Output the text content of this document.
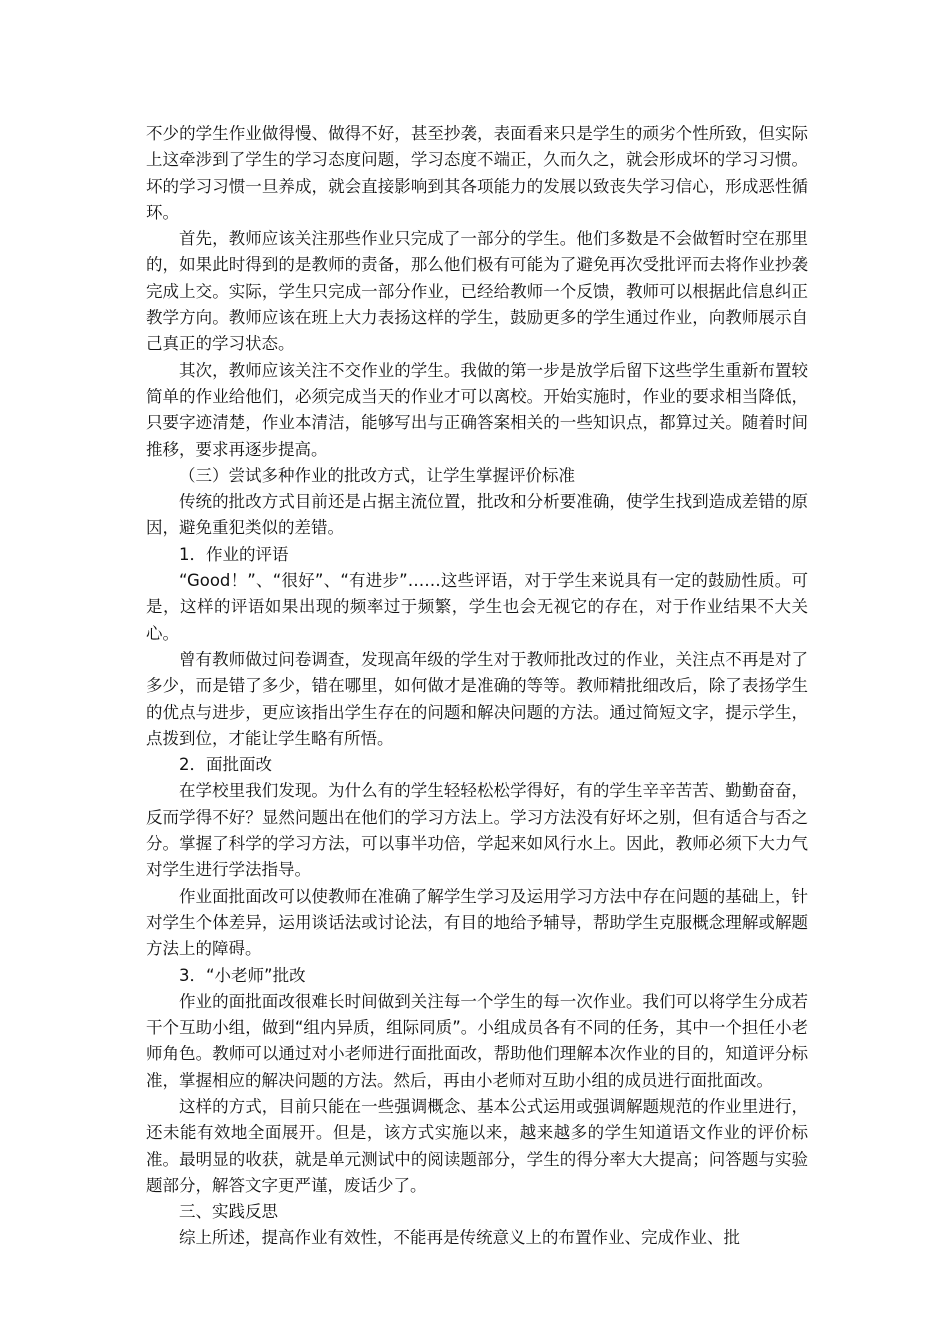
不少的学生作业做得慢、做得不好，甚至抄袭，表面看来只是学生的顽劣个性所致，但实际上这牵涉到了学生的学习态度问题，学习态度不端正，久而久之，就会形成坏的学习习惯。坏的学习习惯一旦养成，就会直接影响到其各项能力的发展以致丧失学习信心，形成恶性循环。

首先，教师应该关注那些作业只完成了一部分的学生。他们多数是不会做暂时空在那里的，如果此时得到的是教师的责备，那么他们极有可能为了避免再次受批评而去将作业抄袭完成上交。实际，学生只完成一部分作业，已经给教师一个反馈，教师可以根据此信息纠正教学方向。教师应该在班上大力表扬这样的学生，鼓励更多的学生通过作业，向教师展示自己真正的学习状态。

其次，教师应该关注不交作业的学生。我做的第一步是放学后留下这些学生重新布置较简单的作业给他们，必须完成当天的作业才可以离校。开始实施时，作业的要求相当降低，只要字迹清楚，作业本清洁，能够写出与正确答案相关的一些知识点，都算过关。随着时间推移，要求再逐步提高。

（三）尝试多种作业的批改方式，让学生掌握评价标准

传统的批改方式目前还是占据主流位置，批改和分析要准确，使学生找到造成差错的原因，避免重犯类似的差错。

1．作业的评语

“Good！”、“很好”、“有进步”……这些评语，对于学生来说具有一定的鼓励性质。可是，这样的评语如果出现的频率过于频繁，学生也会无视它的存在，对于作业结果不大关心。

曾有教师做过问卷调查，发现高年级的学生对于教师批改过的作业，关注点不再是对了多少，而是错了多少，错在哪里，如何做才是准确的等等。教师精批细改后，除了表扬学生的优点与进步，更应该指出学生存在的问题和解决问题的方法。通过简短文字，提示学生，点拨到位，才能让学生略有所悟。

2．面批面改

在学校里我们发现。为什么有的学生轻轻松松学得好，有的学生辛辛苦苦、勤勤奋奋，反而学得不好？显然问题出在他们的学习方法上。学习方法没有好坏之别，但有适合与否之分。掌握了科学的学习方法，可以事半功倍，学起来如风行水上。因此，教师必须下大力气对学生进行学法指导。

作业面批面改可以使教师在准确了解学生学习及运用学习方法中存在问题的基础上，针对学生个体差异，运用谈话法或讨论法，有目的地给予辅导，帮助学生克服概念理解或解题方法上的障碍。

3．“小老师”批改

作业的面批面改很难长时间做到关注每一个学生的每一次作业。我们可以将学生分成若干个互助小组，做到“组内异质，组际同质”。小组成员各有不同的任务，其中一个担任小老师角色。教师可以通过对小老师进行面批面改，帮助他们理解本次作业的目的，知道评分标准，掌握相应的解决问题的方法。然后，再由小老师对互助小组的成员进行面批面改。

这样的方式，目前只能在一些强调概念、基本公式运用或强调解题规范的作业里进行，还未能有效地全面展开。但是，该方式实施以来，越来越多的学生知道语文作业的评价标准。最明显的收获，就是单元测试中的阅读题部分，学生的得分率大大提高；问答题与实验题部分，解答文字更严谨，废话少了。

三、实践反思

综上所述，提高作业有效性，不能再是传统意义上的布置作业、完成作业、批
